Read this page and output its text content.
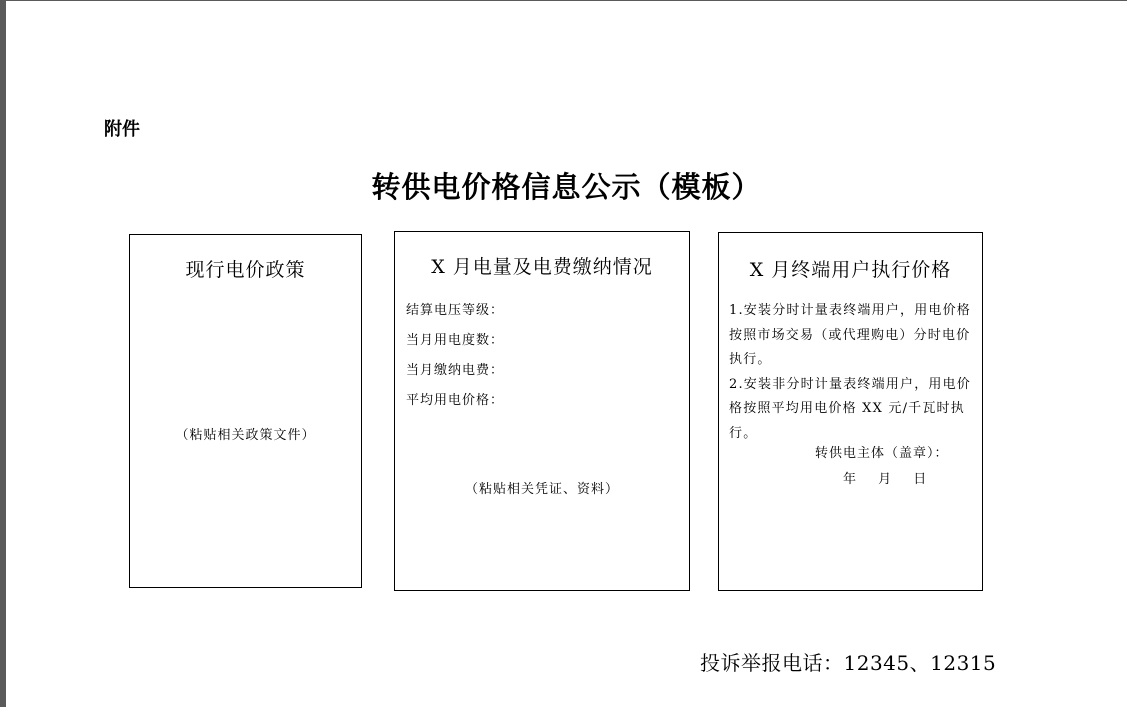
附件
转供电价格信息公示（模板）
现行电价政策
（粘贴相关政策文件）
X 月电量及电费缴纳情况
结算电压等级：
当月用电度数：
当月缴纳电费：
平均用电价格：
（粘贴相关凭证、资料）
X 月终端用户执行价格

1.安装分时计量表终端用户，用电价格按照市场交易（或代理购电）分时电价执行。

2.安装非分时计量表终端用户，用电价格按照平均用电价格 XX 元/千瓦时执行。

转供电主体（盖章）：
年 月 日
投诉举报电话：12345、12315
